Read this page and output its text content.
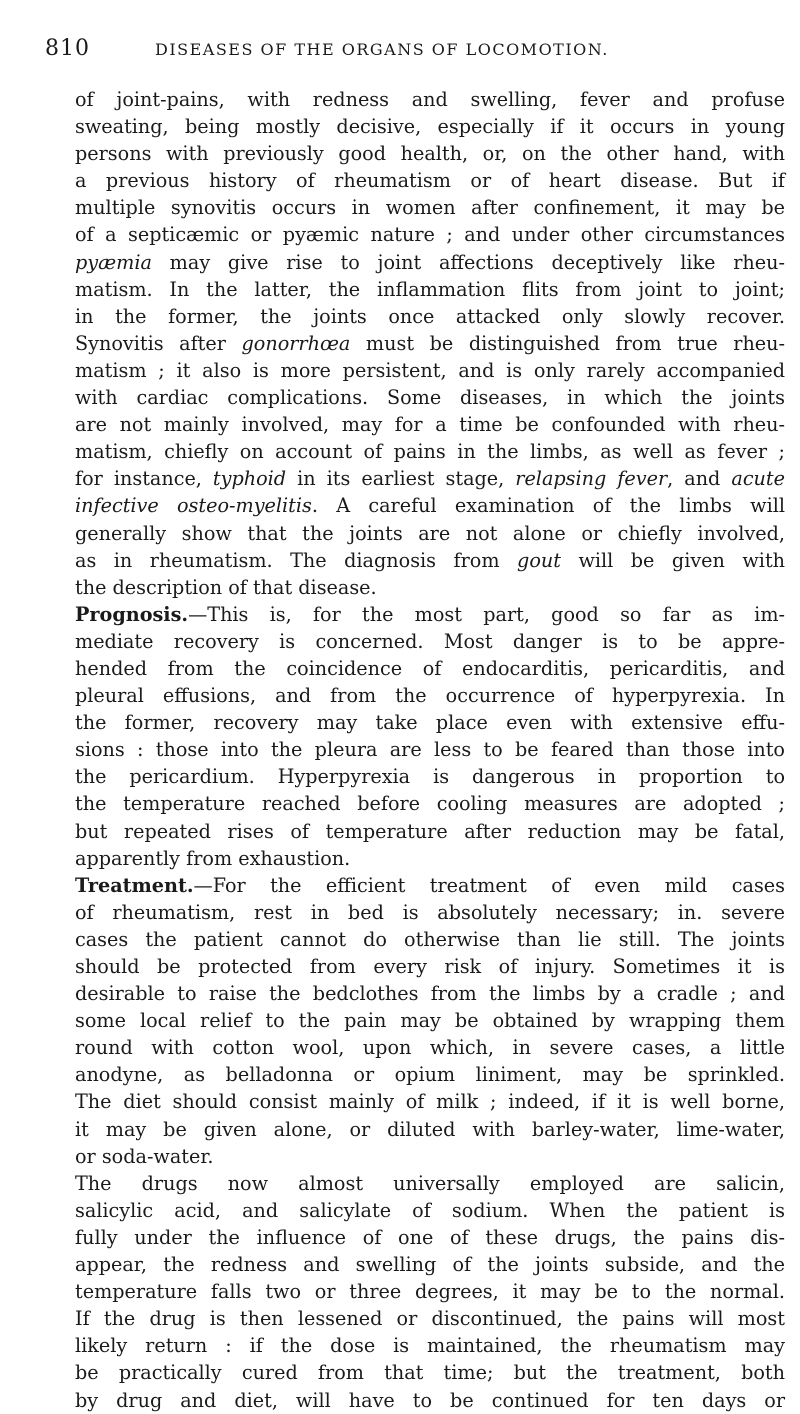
810	DISEASES OF THE ORGANS OF LOCOMOTION.
of joint-pains, with redness and swelling, fever and profuse
sweating, being mostly decisive, especially if it occurs in young
persons with previously good health, or, on the other hand, with
a previous history of rheumatism or of heart disease. But if
multiple synovitis occurs in women after confinement, it may be
of a septicæmic or pyæmic nature ; and under other circumstances
pyæmia may give rise to joint affections deceptively like rheu-
matism. In the latter, the inflammation flits from joint to joint;
in the former, the joints once attacked only slowly recover.
Synovitis after gonorrhœa must be distinguished from true rheu-
matism ; it also is more persistent, and is only rarely accompanied
with cardiac complications. Some diseases, in which the joints
are not mainly involved, may for a time be confounded with rheu-
matism, chiefly on account of pains in the limbs, as well as fever ;
for instance, typhoid in its earliest stage, relapsing fever, and acute
infective osteo-myelitis. A careful examination of the limbs will
generally show that the joints are not alone or chiefly involved,
as in rheumatism. The diagnosis from gout will be given with
the description of that disease.
Prognosis.—This is, for the most part, good so far as im-
mediate recovery is concerned. Most danger is to be appre-
hended from the coincidence of endocarditis, pericarditis, and
pleural effusions, and from the occurrence of hyperpyrexia. In
the former, recovery may take place even with extensive effu-
sions : those into the pleura are less to be feared than those into
the pericardium. Hyperpyrexia is dangerous in proportion to
the temperature reached before cooling measures are adopted ;
but repeated rises of temperature after reduction may be fatal,
apparently from exhaustion.
Treatment.—For the efficient treatment of even mild cases
of rheumatism, rest in bed is absolutely necessary; in. severe
cases the patient cannot do otherwise than lie still. The joints
should be protected from every risk of injury. Sometimes it is
desirable to raise the bedclothes from the limbs by a cradle ; and
some local relief to the pain may be obtained by wrapping them
round with cotton wool, upon which, in severe cases, a little
anodyne, as belladonna or opium liniment, may be sprinkled.
The diet should consist mainly of milk ; indeed, if it is well borne,
it may be given alone, or diluted with barley-water, lime-water,
or soda-water.
The drugs now almost universally employed are salicin,
salicylic acid, and salicylate of sodium. When the patient is
fully under the influence of one of these drugs, the pains dis-
appear, the redness and swelling of the joints subside, and the
temperature falls two or three degrees, it may be to the normal.
If the drug is then lessened or discontinued, the pains will most
likely return : if the dose is maintained, the rheumatism may
be practically cured from that time; but the treatment, both
by drug and diet, will have to be continued for ten days or
